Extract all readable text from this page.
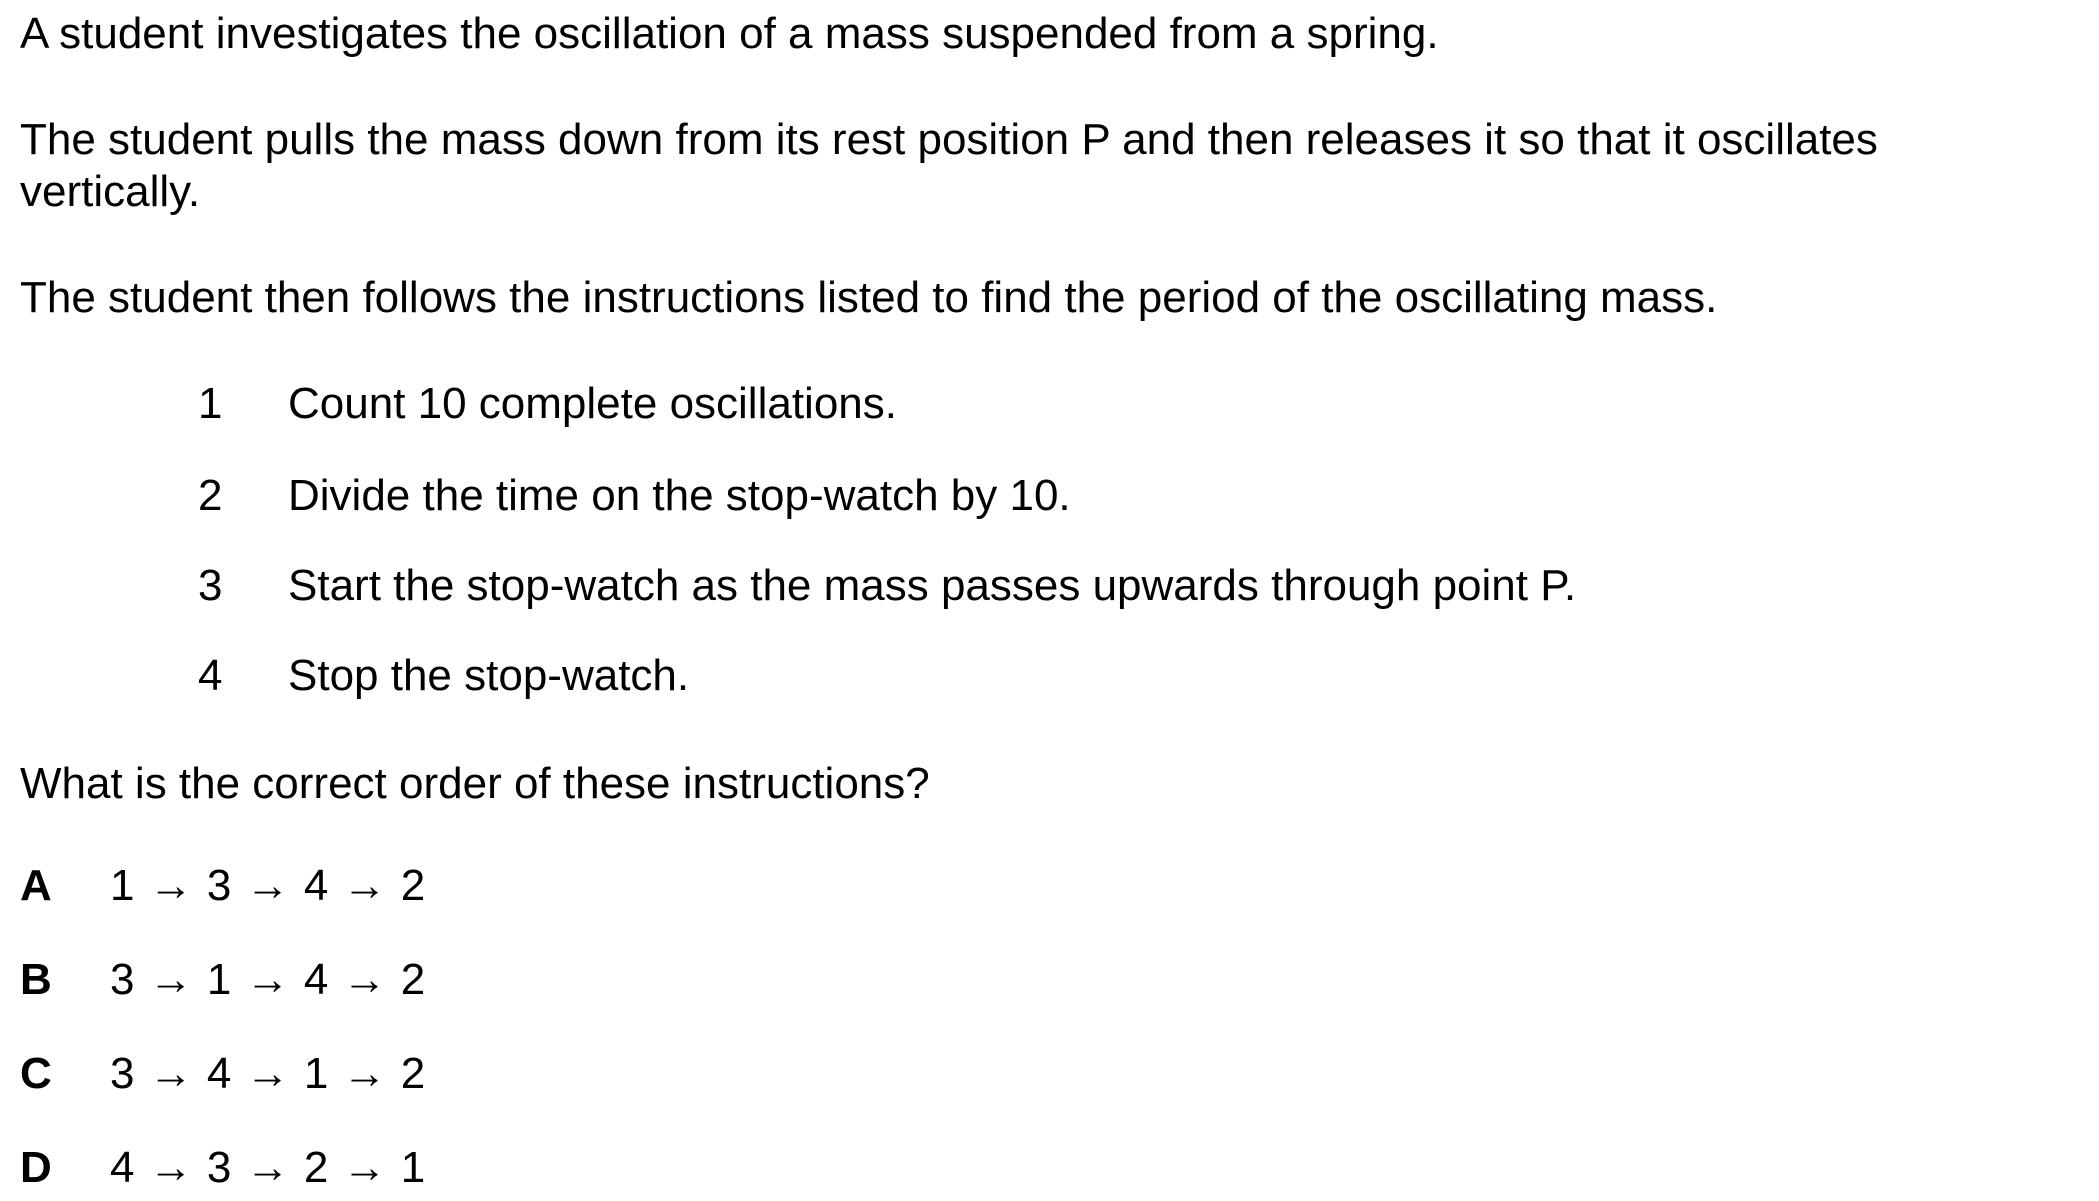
A student investigates the oscillation of a mass suspended from a spring.

The student pulls the mass down from its rest position P and then releases it so that it oscillates vertically.

The student then follows the instructions listed to find the period of the oscillating mass.

1	Count 10 complete oscillations.
2	Divide the time on the stop-watch by 10.
3	Start the stop-watch as the mass passes upwards through point P.
4	Stop the stop-watch.

What is the correct order of these instructions?

A 1 → 3 → 4 → 2
B 3 → 1 → 4 → 2
C 3 → 4 → 1 → 2
D 4 → 3 → 2 → 1
